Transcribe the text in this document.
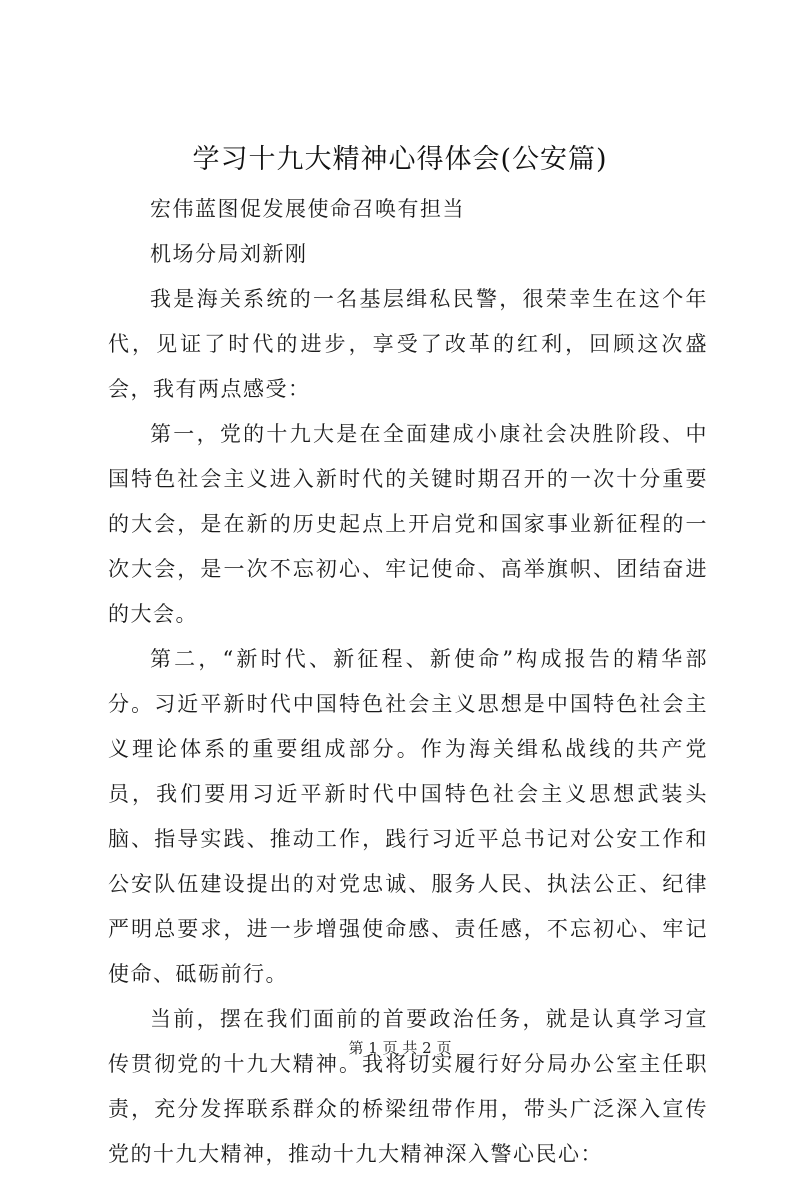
学习十九大精神心得体会(公安篇)

宏伟蓝图促发展使命召唤有担当

机场分局刘新刚

我是海关系统的一名基层缉私民警，很荣幸生在这个年代，见证了时代的进步，享受了改革的红利，回顾这次盛会，我有两点感受：

第一，党的十九大是在全面建成小康社会决胜阶段、中国特色社会主义进入新时代的关键时期召开的一次十分重要的大会，是在新的历史起点上开启党和国家事业新征程的一次大会，是一次不忘初心、牢记使命、高举旗帜、团结奋进的大会。

第二，“新时代、新征程、新使命”构成报告的精华部分。习近平新时代中国特色社会主义思想是中国特色社会主义理论体系的重要组成部分。作为海关缉私战线的共产党员，我们要用习近平新时代中国特色社会主义思想武装头脑、指导实践、推动工作，践行习近平总书记对公安工作和公安队伍建设提出的对党忠诚、服务人民、执法公正、纪律严明总要求，进一步增强使命感、责任感，不忘初心、牢记使命、砥砺前行。

当前，摆在我们面前的首要政治任务，就是认真学习宣传贯彻党的十九大精神。我将切实履行好分局办公室主任职责，充分发挥联系群众的桥梁纽带作用，带头广泛深入宣传党的十九大精神，推动十九大精神深入警心民心：

第 1 页 共 2 页
